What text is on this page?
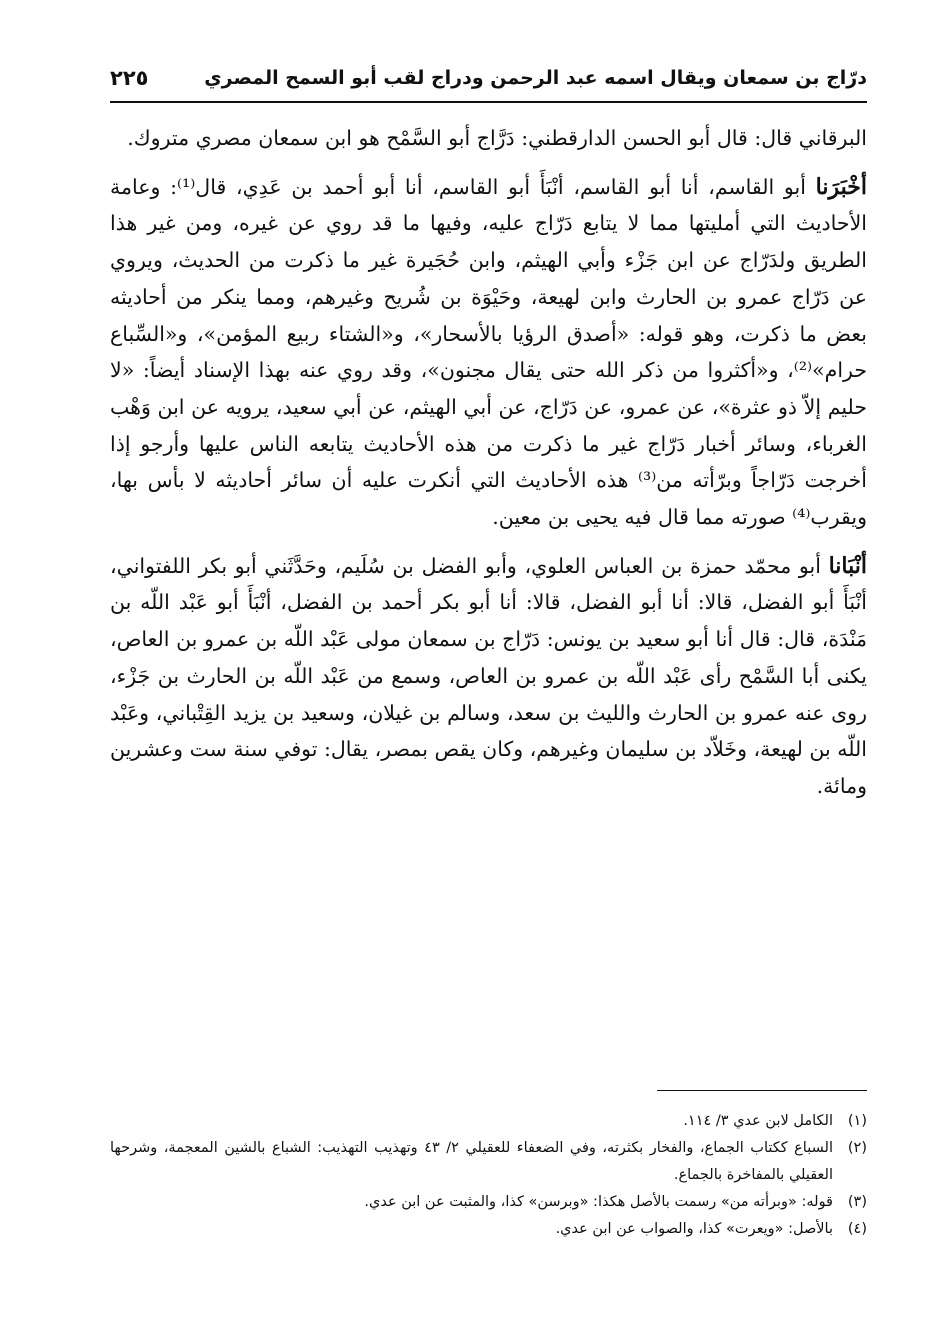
درّاج بن سمعان ويقال اسمه عبد الرحمن ودراج لقب أبو السمح المصري
٢٢٥

البرقاني قال: قال أبو الحسن الدارقطني: دَرَّاج أبو السَّمْح هو ابن سمعان مصري متروك.

أخْبَرَنا أبو القاسم، أنا أبو القاسم، أنْبَأَ أبو القاسم، أنا أبو أحمد بن عَدِي، قال⁽¹⁾: وعامة الأحاديث التي أمليتها مما لا يتابع دَرّاج عليه، وفيها ما قد روي عن غيره، ومن غير هذا الطريق ولدَرّاج عن ابن جَزْء وأبي الهيثم، وابن حُجَيرة غير ما ذكرت من الحديث، ويروي عن دَرّاج عمرو بن الحارث وابن لهيعة، وحَيْوَة بن شُريح وغيرهم، ومما ينكر من أحاديثه بعض ما ذكرت، وهو قوله: «أصدق الرؤيا بالأسحار»، و«الشتاء ربيع المؤمن»، و«السِّباع حرام»⁽²⁾، و«أكثروا من ذكر الله حتى يقال مجنون»، وقد روي عنه بهذا الإسناد أيضاً: «لا حليم إلاّ ذو عثرة»، عن عمرو، عن دَرّاج، عن أبي الهيثم، عن أبي سعيد، يرويه عن ابن وَهْب الغرباء، وسائر أخبار دَرّاج غير ما ذكرت من هذه الأحاديث يتابعه الناس عليها وأرجو إذا أخرجت دَرّاجاً وبرّأته من⁽³⁾ هذه الأحاديث التي أنكرت عليه أن سائر أحاديثه لا بأس بها، ويقرب⁽⁴⁾ صورته مما قال فيه يحيى بن معين.

أنْبَانا أبو محمّد حمزة بن العباس العلوي، وأبو الفضل بن سُلَيم، وحَدَّثَني أبو بكر اللفتواني، أنْبَأَ أبو الفضل، قالا: أنا أبو الفضل، قالا: أنا أبو بكر أحمد بن الفضل، أنْبَأَ أبو عَبْد اللّه بن مَنْدَة، قال: قال أنا أبو سعيد بن يونس: دَرّاج بن سمعان مولى عَبْد اللّه بن عمرو بن العاص، يكنى أبا السَّمْح رأى عَبْد اللّه بن عمرو بن العاص، وسمع من عَبْد اللّه بن الحارث بن جَزْء، روى عنه عمرو بن الحارث والليث بن سعد، وسالم بن غيلان، وسعيد بن يزيد القِتْباني، وعَبْد اللّه بن لهيعة، وخَلاّد بن سليمان وغيرهم، وكان يقص بمصر، يقال: توفي سنة ست وعشرين ومائة.

(١)
الكامل لابن عدي ٣/ ١١٤.

(٢)
السباع ككتاب الجماع، والفخار بكثرته، وفي الضعفاء للعقيلي ٢/ ٤٣ وتهذيب التهذيب: الشباع بالشين المعجمة، وشرحها العقيلي بالمفاخرة بالجماع.

(٣)
قوله: «وبرأته من» رسمت بالأصل هكذا: «وبرسن» كذا، والمثبت عن ابن عدي.

(٤)
بالأصل: «ويعرت» كذا، والصواب عن ابن عدي.
